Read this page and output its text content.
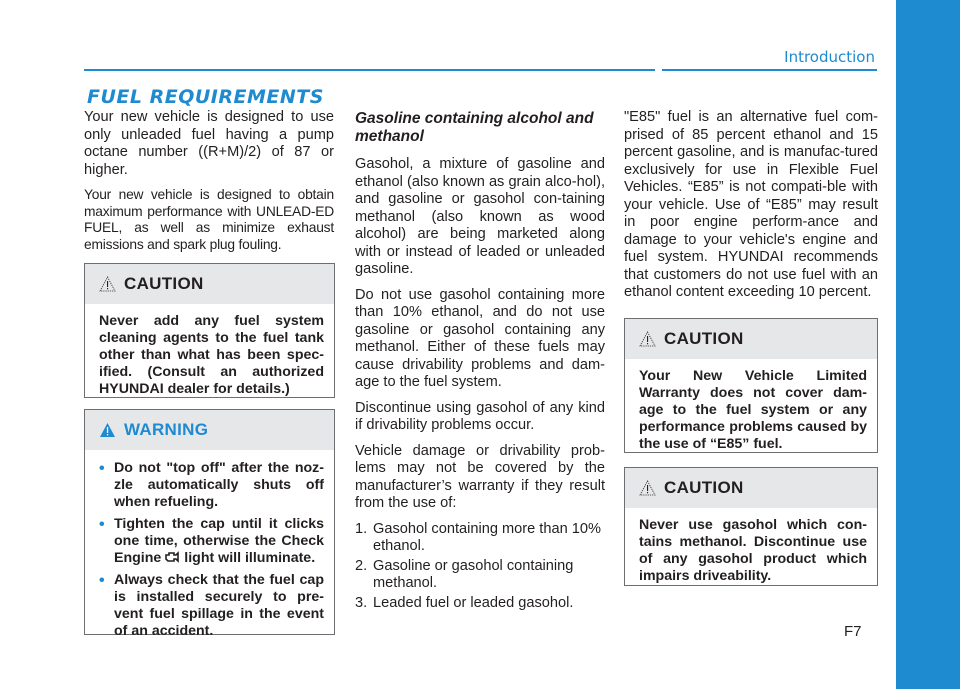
Introduction
FUEL REQUIREMENTS

Your new vehicle is designed to use only unleaded fuel having a pump octane number ((R+M)/2) of 87 or higher.

Your new vehicle is designed to obtain maximum performance with UNLEAD-ED FUEL, as well as minimize exhaust emissions and spark plug fouling.

CAUTION
Never add any fuel system cleaning agents to the fuel tank other than what has been spec-ified. (Consult an authorized HYUNDAI dealer for details.)
WARNING
• Do not "top off" after the noz-zle automatically shuts off when refueling.
• Tighten the cap until it clicks one time, otherwise the Check Engine light will illuminate.
• Always check that the fuel cap is installed securely to pre-vent fuel spillage in the event of an accident.
Gasoline containing alcohol and methanol

Gasohol, a mixture of gasoline and ethanol (also known as grain alco-hol), and gasoline or gasohol con-taining methanol (also known as wood alcohol) are being marketed along with or instead of leaded or unleaded gasoline.

Do not use gasohol containing more than 10% ethanol, and do not use gasoline or gasohol containing any methanol. Either of these fuels may cause drivability problems and dam-age to the fuel system.

Discontinue using gasohol of any kind if drivability problems occur.

Vehicle damage or drivability prob-lems may not be covered by the manufacturer’s warranty if they result from the use of:

1. Gasohol containing more than 10% ethanol.
2. Gasoline or gasohol containing methanol.
3. Leaded fuel or leaded gasohol.

"E85" fuel is an alternative fuel com-prised of 85 percent ethanol and 15 percent gasoline, and is manufac-tured exclusively for use in Flexible Fuel Vehicles. “E85” is not compati-ble with your vehicle. Use of “E85” may result in poor engine perform-ance and damage to your vehicle's engine and fuel system. HYUNDAI recommends that customers do not use fuel with an ethanol content exceeding 10 percent.

CAUTION
Your New Vehicle Limited Warranty does not cover dam-age to the fuel system or any performance problems caused by the use of “E85” fuel.
CAUTION
Never use gasohol which con-tains methanol. Discontinue use of any gasohol product which impairs driveability.
F7
